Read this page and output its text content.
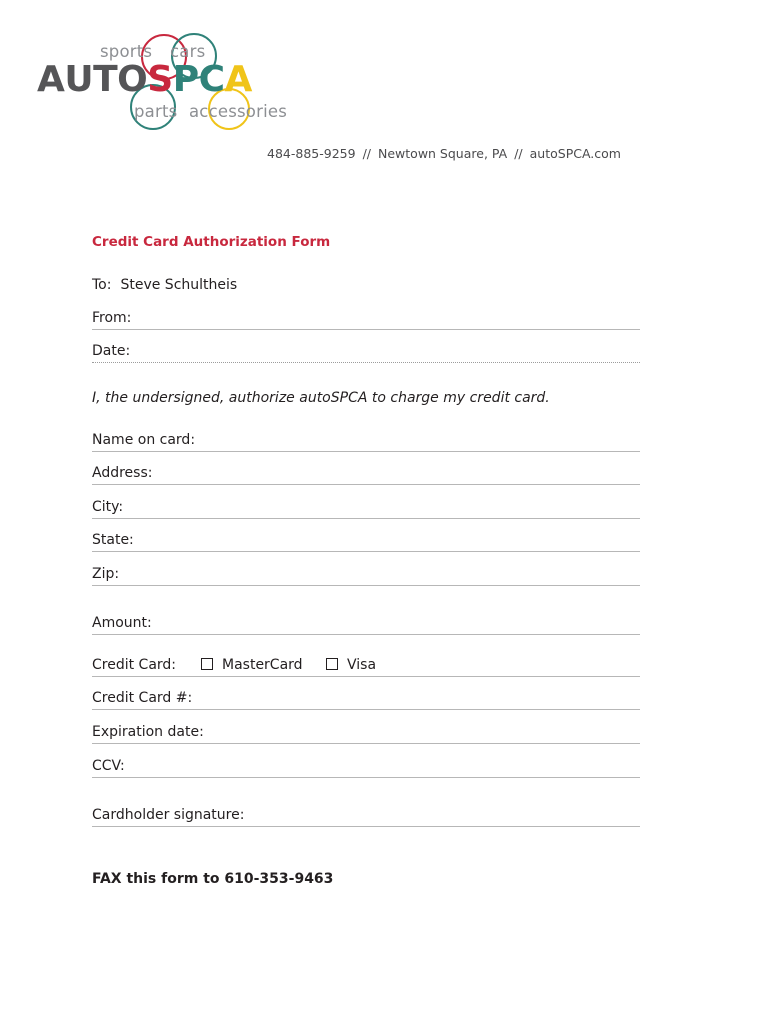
sports cars
parts accessories
AUTOSPCA
484-885-9259 // Newtown Square, PA // autoSPCA.com
Credit Card Authorization Form
To: Steve Schultheis
From:
Date:
I, the undersigned, authorize autoSPCA to charge my credit card.
Name on card:
Address:
City:
State:
Zip:
Amount:
Credit Card:	MasterCard	Visa
Credit Card #:
Expiration date:
CCV:
Cardholder signature:
FAX this form to 610-353-9463
